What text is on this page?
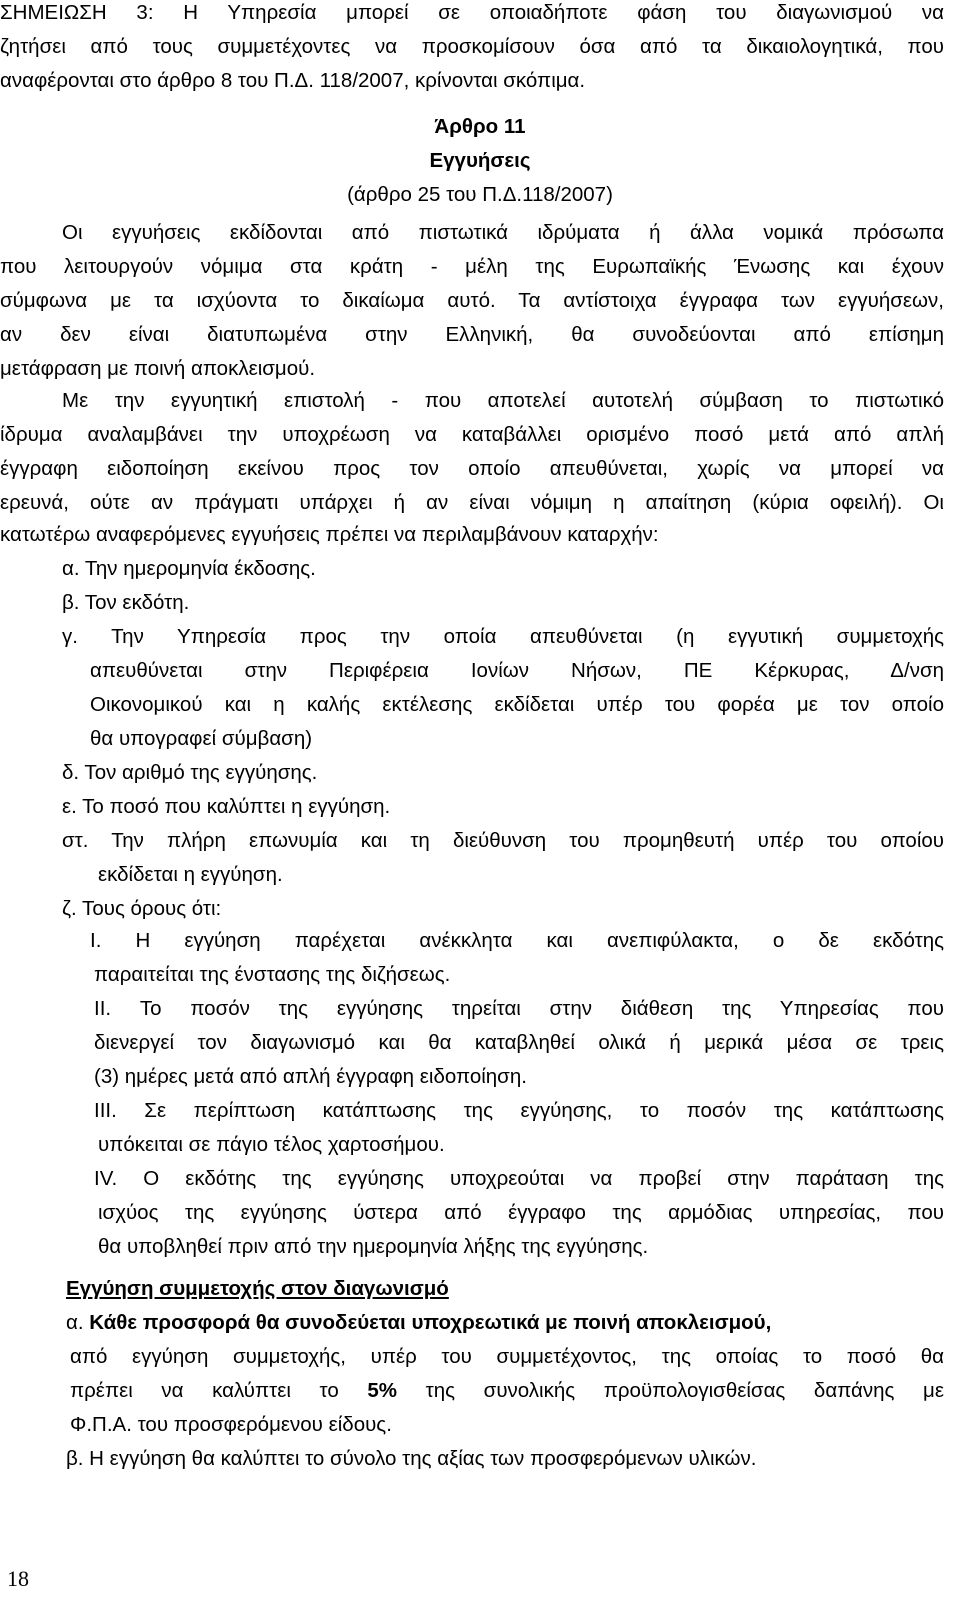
ΣΗΜΕΙΩΣΗ 3: Η Υπηρεσία μπορεί σε οποιαδήποτε φάση του διαγωνισμού να
ζητήσει από τους συμμετέχοντες να προσκομίσουν όσα από τα δικαιολογητικά, που
αναφέρονται στο άρθρο 8 του Π.Δ. 118/2007, κρίνονται σκόπιμα.
Άρθρο 11
Εγγυήσεις
(άρθρο 25 του Π.Δ.118/2007)
Οι εγγυήσεις εκδίδονται από πιστωτικά ιδρύματα ή άλλα νομικά πρόσωπα
που λειτουργούν νόμιμα στα κράτη - μέλη της Ευρωπαϊκής Ένωσης και έχουν
σύμφωνα με τα ισχύοντα το δικαίωμα αυτό. Τα αντίστοιχα έγγραφα των εγγυήσεων,
αν δεν είναι διατυπωμένα στην Ελληνική, θα συνοδεύονται από επίσημη
μετάφραση με ποινή αποκλεισμού.
Με την εγγυητική επιστολή - που αποτελεί αυτοτελή σύμβαση το πιστωτικό
ίδρυμα αναλαμβάνει την υποχρέωση να καταβάλλει ορισμένο ποσό μετά από απλή
έγγραφη ειδοποίηση εκείνου προς τον οποίο απευθύνεται, χωρίς να μπορεί να
ερευνά, ούτε αν πράγματι υπάρχει ή αν είναι νόμιμη η απαίτηση (κύρια οφειλή). Οι
κατωτέρω αναφερόμενες εγγυήσεις πρέπει να περιλαμβάνουν καταρχήν:
α. Την ημερομηνία έκδοσης.
β. Τον εκδότη.
γ. Την Υπηρεσία προς την οποία απευθύνεται (η εγγυτική συμμετοχής
απευθύνεται στην Περιφέρεια Ιονίων Νήσων, ΠΕ Κέρκυρας, Δ/νση
Οικονομικού και η καλής εκτέλεσης εκδίδεται υπέρ του φορέα με τον οποίο
θα υπογραφεί σύμβαση)
δ. Τον αριθμό της εγγύησης.
ε. Το ποσό που καλύπτει η εγγύηση.
στ. Την πλήρη επωνυμία και τη διεύθυνση του προμηθευτή υπέρ του οποίου
εκδίδεται η εγγύηση.
ζ. Τους όρους ότι:
I. Η εγγύηση παρέχεται ανέκκλητα και ανεπιφύλακτα, ο δε εκδότης
παραιτείται της ένστασης της διζήσεως.
II. Το ποσόν της εγγύησης τηρείται στην διάθεση της Υπηρεσίας που
διενεργεί τον διαγωνισμό και θα καταβληθεί ολικά ή μερικά μέσα σε τρεις
(3) ημέρες μετά από απλή έγγραφη ειδοποίηση.
III. Σε περίπτωση κατάπτωσης της εγγύησης, το ποσόν της κατάπτωσης
υπόκειται σε πάγιο τέλος χαρτοσήμου.
IV. Ο εκδότης της εγγύησης υποχρεούται να προβεί στην παράταση της
ισχύος της εγγύησης ύστερα από έγγραφο της αρμόδιας υπηρεσίας, που
θα υποβληθεί πριν από την ημερομηνία λήξης της εγγύησης.
Εγγύηση συμμετοχής στον διαγωνισμό
α. Κάθε προσφορά θα συνοδεύεται υποχρεωτικά με ποινή αποκλεισμού,
από εγγύηση συμμετοχής, υπέρ του συμμετέχοντος, της οποίας το ποσό θα
πρέπει να καλύπτει το 5% της συνολικής προϋπολογισθείσας δαπάνης με
Φ.Π.Α. του προσφερόμενου είδους.
β. Η εγγύηση θα καλύπτει το σύνολο της αξίας των προσφερόμενων υλικών.
18
